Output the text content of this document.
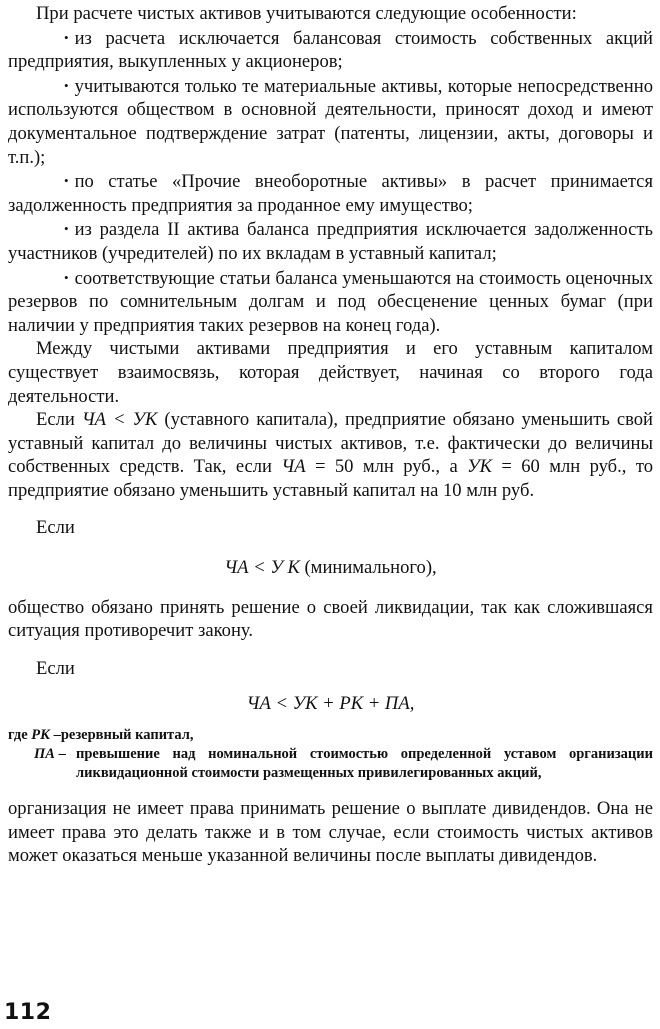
При расчете чистых активов учитываются следующие особенности:

• из расчета исключается балансовая стоимость собственных акций предприятия, выкупленных у акционеров;

• учитываются только те материальные активы, которые непосредственно используются обществом в основной деятельности, приносят доход и имеют документальное подтверждение затрат (патенты, лицензии, акты, договоры и т.п.);

• по статье «Прочие внеоборотные активы» в расчет принимается задолженность предприятия за проданное ему имущество;

• из раздела II актива баланса предприятия исключается задолженность участников (учредителей) по их вкладам в уставный капитал;

• соответствующие статьи баланса уменьшаются на стоимость оценочных резервов по сомнительным долгам и под обесценение ценных бумаг (при наличии у предприятия таких резервов на конец года).

Между чистыми активами предприятия и его уставным капиталом существует взаимосвязь, которая действует, начиная со второго года деятельности.

Если ЧА < УК (уставного капитала), предприятие обязано уменьшить свой уставный капитал до величины чистых активов, т.е. фактически до величины собственных средств. Так, если ЧА = 50 млн руб., а УК = 60 млн руб., то предприятие обязано уменьшить уставный капитал на 10 млн руб.

Если

ЧА < У К (минимального),

общество обязано принять решение о своей ликвидации, так как сложившаяся ситуация противоречит закону.

Если

ЧА < УК + РК + ПА,

где РК –резервный капитал,
ПА – превышение над номинальной стоимостью определенной уставом организации ликвидационной стоимости размещенных привилегированных акций,

организация не имеет права принимать решение о выплате дивидендов. Она не имеет права это делать также и в том случае, если стоимость чистых активов может оказаться меньше указанной величины после выплаты дивидендов.

112
